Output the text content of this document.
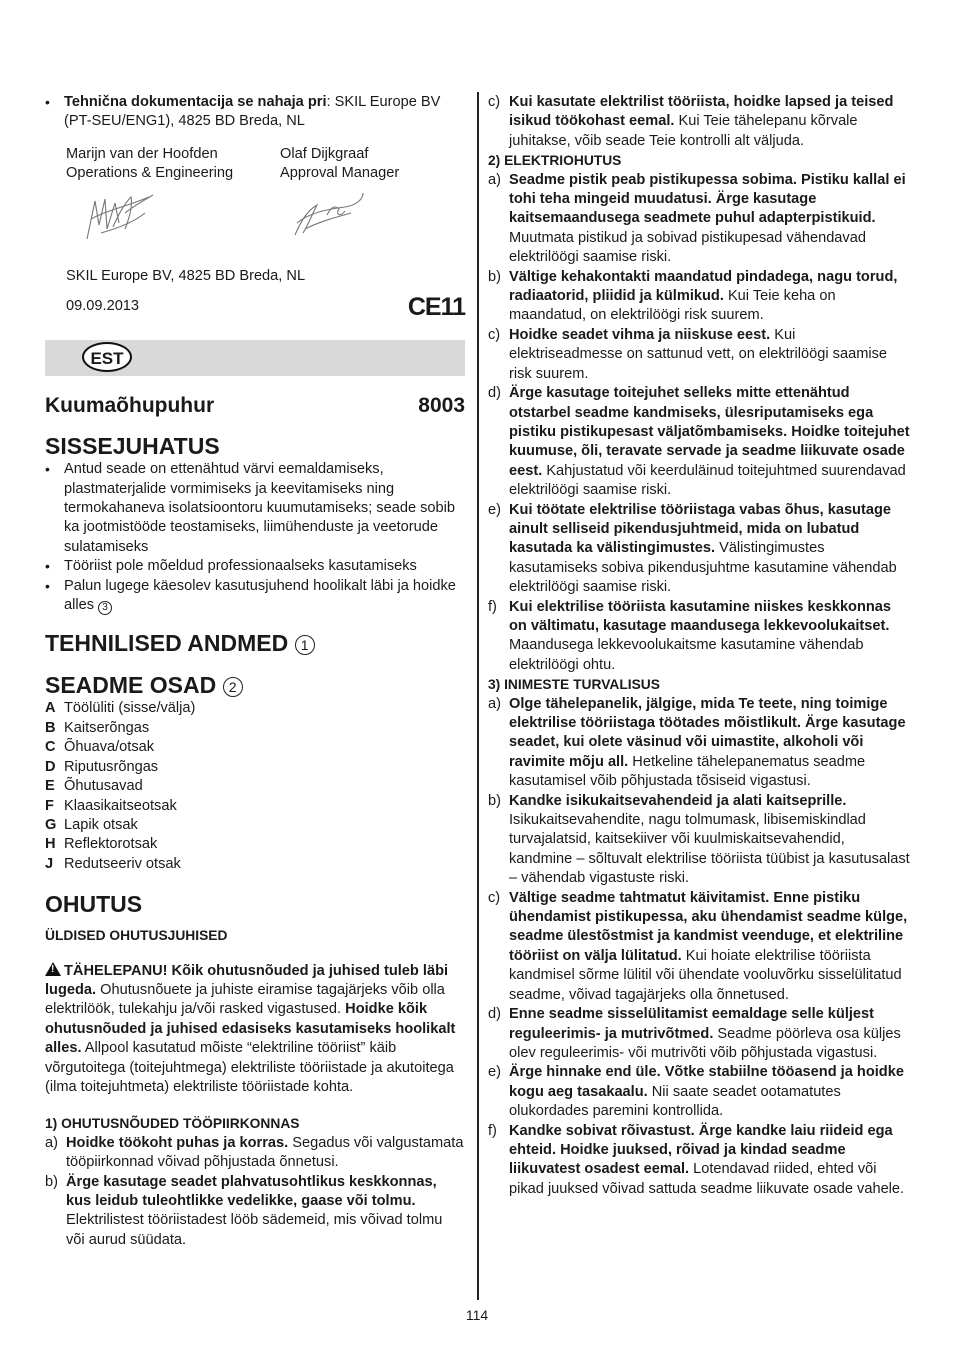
• Tehnična dokumentacija se nahaja pri: SKIL Europe BV (PT-SEU/ENG1), 4825 BD Breda, NL
Marijn van der Hoofden
Operations & Engineering
Olaf Dijkgraaf
Approval Manager
SKIL Europe BV, 4825 BD Breda, NL
09.09.2013	CE11
EST
Kuumaõhupuhur	8003
SISSEJUHATUS
• Antud seade on ettenähtud värvi eemaldamiseks, plastmaterjalide vormimiseks ja keevitamiseks ning termokahaneva isolatsioontoru kuumutamiseks; seade sobib ka jootmistööde teostamiseks, liimühenduste ja veetorude sulatamiseks
• Tööriist pole mõeldud professionaalseks kasutamiseks
• Palun lugege käesolev kasutusjuhend hoolikalt läbi ja hoidke alles 3
TEHNILISED ANDMED 1
SEADME OSAD 2
A Töölüliti (sisse/välja)
B Kaitserõngas
C Õhuava/otsak
D Riputusrõngas
E Õhutusavad
F Klaasikaitseotsak
G Lapik otsak
H Reflektorotsak
J Redutseeriv otsak
OHUTUS
ÜLDISED OHUTUSJUHISED
! TÄHELEPANU! Kõik ohutusnõuded ja juhised tuleb läbi lugeda. Ohutusnõuete ja juhiste eiramise tagajärjeks võib olla elektrilöök, tulekahju ja/või rasked vigastused. Hoidke kõik ohutusnõuded ja juhised edasiseks kasutamiseks hoolikalt alles. Allpool kasutatud mõiste “elektriline tööriist” käib võrgutoitega (toitejuhtmega) elektriliste tööriistade ja akutoitega (ilma toitejuhtmeta) elektriliste tööriistade kohta.
1) OHUTUSNÕUDED TÖÖPIIRKONNAS
a) Hoidke töökoht puhas ja korras. Segadus või valgustamata tööpiirkonnad võivad põhjustada õnnetusi.
b) Ärge kasutage seadet plahvatusohtlikus keskkonnas, kus leidub tuleohtlikke vedelikke, gaase või tolmu. Elektrilistest tööriistadest lööb sädemeid, mis võivad tolmu või aurud süüdata.
c) Kui kasutate elektrilist tööriista, hoidke lapsed ja teised isikud töökohast eemal. Kui Teie tähelepanu kõrvale juhitakse, võib seade Teie kontrolli alt väljuda.
2) ELEKTRIOHUTUS
a) Seadme pistik peab pistikupessa sobima. Pistiku kallal ei tohi teha mingeid muudatusi. Ärge kasutage kaitsemaandusega seadmete puhul adapterpistikuid. Muutmata pistikud ja sobivad pistikupesad vähendavad elektrilöögi saamise riski.
b) Vältige kehakontakti maandatud pindadega, nagu torud, radiaatorid, pliidid ja külmikud. Kui Teie keha on maandatud, on elektrilöögi risk suurem.
c) Hoidke seadet vihma ja niiskuse eest. Kui elektriseadmesse on sattunud vett, on elektrilöögi saamise risk suurem.
d) Ärge kasutage toitejuhet selleks mitte ettenähtud otstarbel seadme kandmiseks, ülesriputamiseks ega pistiku pistikupesast väljatõmbamiseks. Hoidke toitejuhet kuumuse, õli, teravate servade ja seadme liikuvate osade eest. Kahjustatud või keerduläinud toitejuhtmed suurendavad elektrilöögi saamise riski.
e) Kui töötate elektrilise tööriistaga vabas õhus, kasutage ainult selliseid pikendusjuhtmeid, mida on lubatud kasutada ka välistingimustes. Välistingimustes kasutamiseks sobiva pikendusjuhtme kasutamine vähendab elektrilöögi saamise riski.
f) Kui elektrilise tööriista kasutamine niiskes keskkonnas on vältimatu, kasutage maandusega lekkevoolukaitset. Maandusega lekkevoolukaitsme kasutamine vähendab elektrilöögi ohtu.
3) INIMESTE TURVALISUS
a) Olge tähelepanelik, jälgige, mida Te teete, ning toimige elektrilise tööriistaga töötades mõistlikult. Ärge kasutage seadet, kui olete väsinud või uimastite, alkoholi või ravimite mõju all. Hetkeline tähelepanematus seadme kasutamisel võib põhjustada tõsiseid vigastusi.
b) Kandke isikukaitsevahendeid ja alati kaitseprille. Isikukaitsevahendite, nagu tolmumask, libisemiskindlad turvajalatsid, kaitsekiiver või kuulmiskaitsevahendid, kandmine – sõltuvalt elektrilise tööriista tüübist ja kasutusalast – vähendab vigastuste riski.
c) Vältige seadme tahtmatut käivitamist. Enne pistiku ühendamist pistikupessa, aku ühendamist seadme külge, seadme ülestõstmist ja kandmist veenduge, et elektriline tööriist on välja lülitatud. Kui hoiate elektrilise tööriista kandmisel sõrme lülitil või ühendate vooluvõrku sisselülitatud seadme, võivad tagajärjeks olla õnnetused.
d) Enne seadme sisselülitamist eemaldage selle küljest reguleerimis- ja mutrivõtmed. Seadme pöörleva osa küljes olev reguleerimis- või mutrivõti võib põhjustada vigastusi.
e) Ärge hinnake end üle. Võtke stabiilne tööasend ja hoidke kogu aeg tasakaalu. Nii saate seadet ootamatutes olukordades paremini kontrollida.
f) Kandke sobivat rõivastust. Ärge kandke laiu riideid ega ehteid. Hoidke juuksed, rõivad ja kindad seadme liikuvatest osadest eemal. Lotendavad riided, ehted või pikad juuksed võivad sattuda seadme liikuvate osade vahele.
114
